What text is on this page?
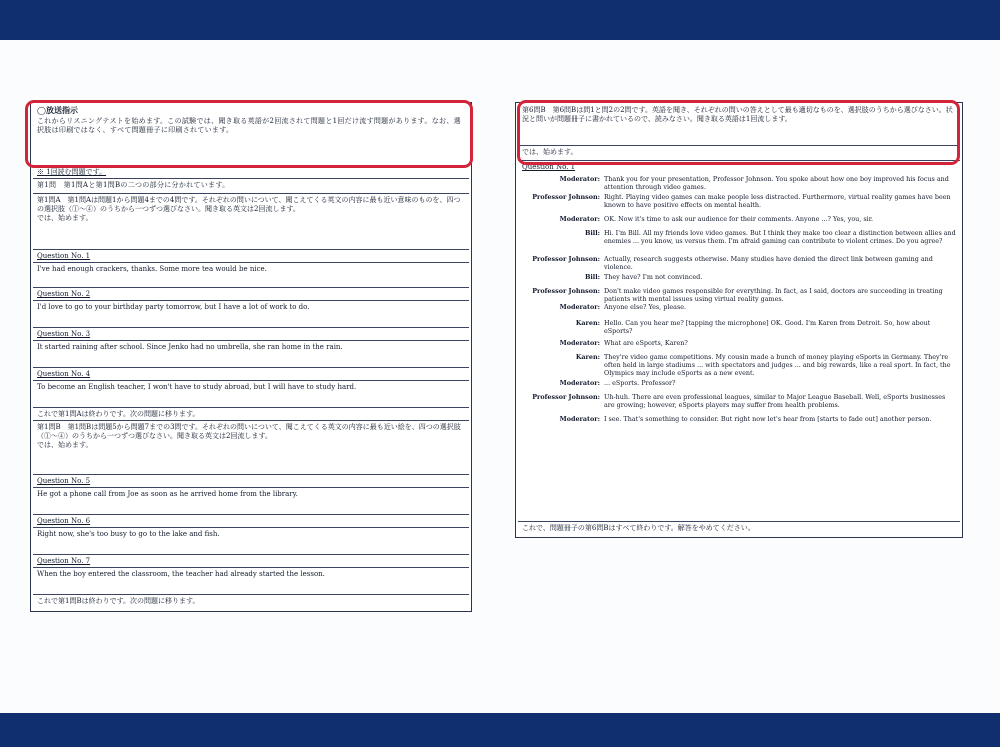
◯放送指示
これからリスニングテストを始めます。この試験では、聞き取る英語が2回流されて問題と1回だけ流す問題があります。なお、選択肢は印刷ではなく、すべて問題冊子に印刷されています。
※ 1回読む問題です。
第1問　第1問Aと第1問Bの二つの部分に分かれています。
第1問A　第1問Aは問題1から問題4までの4問です。それぞれの問いについて、聞こえてくる英文の内容に最も近い意味のものを、四つの選択肢（①〜④）のうちから一つずつ選びなさい。聞き取る英文は2回流します。
では、始めます。
Question No. 1
I've had enough crackers, thanks. Some more tea would be nice.
Question No. 2
I'd love to go to your birthday party tomorrow, but I have a lot of work to do.
Question No. 3
It started raining after school. Since Jenko had no umbrella, she ran home in the rain.
Question No. 4
To become an English teacher, I won't have to study abroad, but I will have to study hard.
これで第1問Aは終わりです。次の問題に移ります。
第1問B　第1問Bは問題5から問題7までの3問です。それぞれの問いについて、聞こえてくる英文の内容に最も近い絵を、四つの選択肢（①〜④）のうちから一つずつ選びなさい。聞き取る英文は2回流します。
では、始めます。
Question No. 5
He got a phone call from Joe as soon as he arrived home from the library.
Question No. 6
Right now, she's too busy to go to the lake and fish.
Question No. 7
When the boy entered the classroom, the teacher had already started the lesson.
これで第1問Bは終わりです。次の問題に移ります。
第6問B　第6問Bは問1と問2の2問です。英語を聞き、それぞれの問いの答えとして最も適切なものを、選択肢のうちから選びなさい。状況と問いが問題冊子に書かれているので、読みなさい。聞き取る英語は1回流します。
では、始めます。
Question No. 1
Moderator: Thank you for your presentation, Professor Johnson. You spoke about how one boy improved his focus and attention through video games.
Professor Johnson: Right. Playing video games can make people less distracted. Furthermore, virtual reality games have been known to have positive effects on mental health.
Moderator: OK. Now it's time to ask our audience for their comments. Anyone ...? Yes, you, sir.
Bill: Hi. I'm Bill. All my friends love video games. But I think they make too clear a distinction between allies and enemies ... you know, us versus them. I'm afraid gaming can contribute to violent crimes. Do you agree?
Professor Johnson: Actually, research suggests otherwise. Many studies have denied the direct link between gaming and violence.
Bill: They have? I'm not convinced.
Professor Johnson: Don't make video games responsible for everything. In fact, as I said, doctors are succeeding in treating patients with mental issues using virtual reality games.
Moderator: Anyone else? Yes, please.
Karen: Hello. Can you hear me? [tapping the microphone] OK. Good. I'm Karen from Detroit. So, how about eSports?
Moderator: What are eSports, Karen?
Karen: They're video game competitions. My cousin made a bunch of money playing eSports in Germany. They're often held in large stadiums ... with spectators and judges ... and big rewards, like a real sport. In fact, the Olympics may include eSports as a new event.
Moderator: ... eSports. Professor?
Professor Johnson: Uh-huh. There are even professional leagues, similar to Major League Baseball. Well, eSports businesses are growing; however, eSports players may suffer from health problems.
Moderator: I see. That's something to consider. But right now let's hear from [starts to fade out] another person.
これで、問題冊子の第6問Bはすべて終わりです。解答をやめてください。
